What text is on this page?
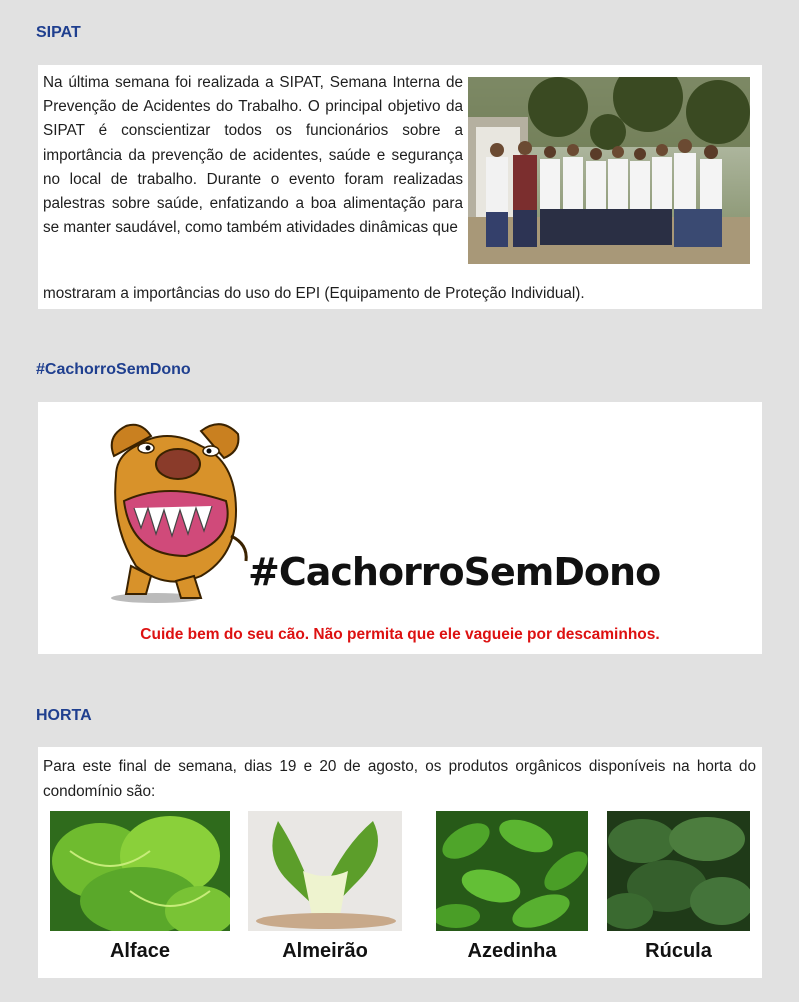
SIPAT
Na última semana foi realizada a SIPAT, Semana Interna de Prevenção de Acidentes do Trabalho. O principal objetivo da SIPAT é conscientizar todos os funcionários sobre a importância da prevenção de acidentes, saúde e segurança no local de trabalho. Durante o evento foram realizadas palestras sobre saúde, enfatizando a boa alimentação para se manter saudável, como também atividades dinâmicas que
mostraram a importâncias do uso do EPI (Equipamento de Proteção Individual).
#CachorroSemDono
#CachorroSemDono
Cuide bem do seu cão. Não permita que ele vagueie por descaminhos.
HORTA
Para este final de semana, dias 19 e 20 de agosto, os produtos orgânicos disponíveis na horta do condomínio são:
Alface	Almeirão	Azedinha	Rúcula
